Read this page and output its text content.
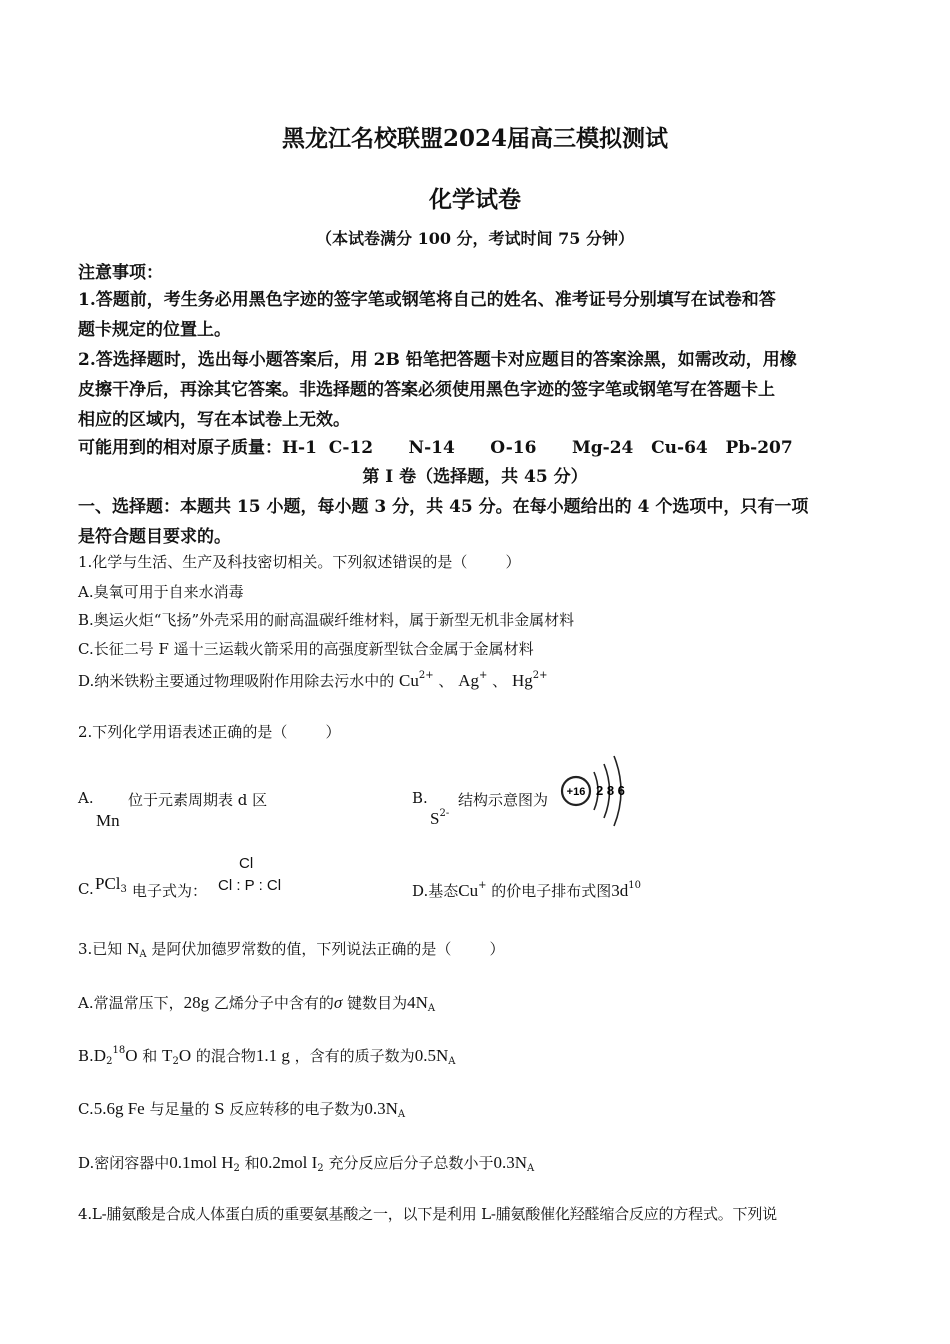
黑龙江名校联盟2024届高三模拟测试
化学试卷
（本试卷满分 100 分，考试时间 75 分钟）
注意事项：
1.答题前，考生务必用黑色字迹的签字笔或钢笔将自己的姓名、准考证号分别填写在试卷和答
题卡规定的位置上。
2.答选择题时，选出每小题答案后，用 2B 铅笔把答题卡对应题目的答案涂黑，如需改动，用橡
皮擦干净后，再涂其它答案。非选择题的答案必须使用黑色字迹的签字笔或钢笔写在答题卡上
相应的区域内，写在本试卷上无效。
可能用到的相对原子质量：H-1  C-12      N-14      O-16      Mg-24   Cu-64   Pb-207
第 I 卷（选择题，共 45 分）
一、选择题：本题共 15 小题，每小题 3 分，共 45 分。在每小题给出的 4 个选项中，只有一项
是符合题目要求的。
1.化学与生活、生产及科技密切相关。下列叙述错误的是（        ）
A.臭氧可用于自来水消毒
B.奥运火炬“飞扬”外壳采用的耐高温碳纤维材料，属于新型无机非金属材料
C.长征二号 F 遥十三运载火箭采用的高强度新型钛合金属于金属材料
D.纳米铁粉主要通过物理吸附作用除去污水中的 $Cu^{2+}$ 、 Ag+ 、 $Hg^{2+}$
2.下列化学用语表述正确的是（        ）
A.
Mn
位于元素周期表 d 区	B.
$S^{2-}$
结构示意图为 +16 2 8 6
C. PCl$_3$ 电子式为：
Cl
Cl : P : Cl	D.基态Cu+ 的价电子排布式图$3d^{10}$
3.已知 $N_A$ 是阿伏加德罗常数的值，下列说法正确的是（        ）
A.常温常压下，28g 乙烯分子中含有的σ 键数目为$4N_A$
$B.D_2^{18}O$ 和 $T_2O$ 的混合物1.1 g ，含有的质子数为$0.5N_A$
C.5.6g Fe 与足量的 S 反应转移的电子数为$0.3N_A$
D.密闭容器中0.1mol $H_2$ 和0.2mol $I_2$ 充分反应后分子总数小于$0.3N_A$
4.L-脯氨酸是合成人体蛋白质的重要氨基酸之一，以下是利用 L-脯氨酸催化羟醛缩合反应的方程式。下列说
